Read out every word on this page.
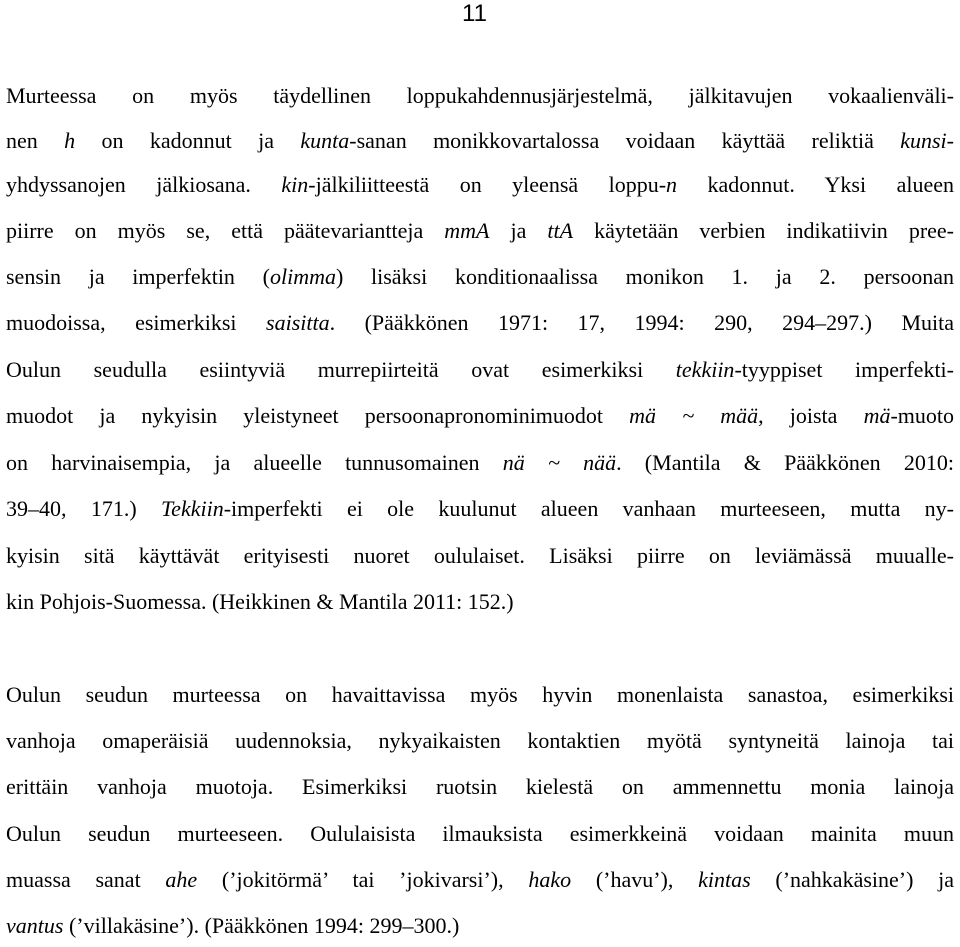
11
Murteessa on myös täydellinen loppukahdennusjärjestelmä, jälkitavujen vokaalienväli-
nen h on kadonnut ja kunta-sanan monikkovartalossa voidaan käyttää reliktiä kunsi-
yhdyssanojen jälkiosana. kin-jälkiliitteestä on yleensä loppu-n kadonnut. Yksi alueen
piirre on myös se, että päätevariantteja mmA ja ttA käytetään verbien indikatiivin pree-
sensin ja imperfektin (olimma) lisäksi konditionaalissa monikon 1. ja 2. persoonan
muodoissa, esimerkiksi saisitta. (Pääkkönen 1971: 17, 1994: 290, 294–297.) Muita
Oulun seudulla esiintyviä murrepiirteitä ovat esimerkiksi tekkiin-tyyppiset imperfekti-
muodot ja nykyisin yleistyneet persoonapronominimuodot mä ~ mää, joista mä-muoto
on harvinaisempia, ja alueelle tunnusomainen nä ~ nää. (Mantila & Pääkkönen 2010:
39–40, 171.) Tekkiin-imperfekti ei ole kuulunut alueen vanhaan murteeseen, mutta ny-
kyisin sitä käyttävät erityisesti nuoret oululaiset. Lisäksi piirre on leviämässä muualle-
kin Pohjois-Suomessa. (Heikkinen & Mantila 2011: 152.)
Oulun seudun murteessa on havaittavissa myös hyvin monenlaista sanastoa, esimerkiksi
vanhoja omaperäisiä uudennoksia, nykyaikaisten kontaktien myötä syntyneitä lainoja tai
erittäin vanhoja muotoja. Esimerkiksi ruotsin kielestä on ammennettu monia lainoja
Oulun seudun murteeseen. Oululaisista ilmauksista esimerkkeinä voidaan mainita muun
muassa sanat ahe (’jokitörmä’ tai ’jokivarsi’), hako (’havu’), kintas (’nahkakäsine’) ja
vantus (’villakäsine’). (Pääkkönen 1994: 299–300.)
